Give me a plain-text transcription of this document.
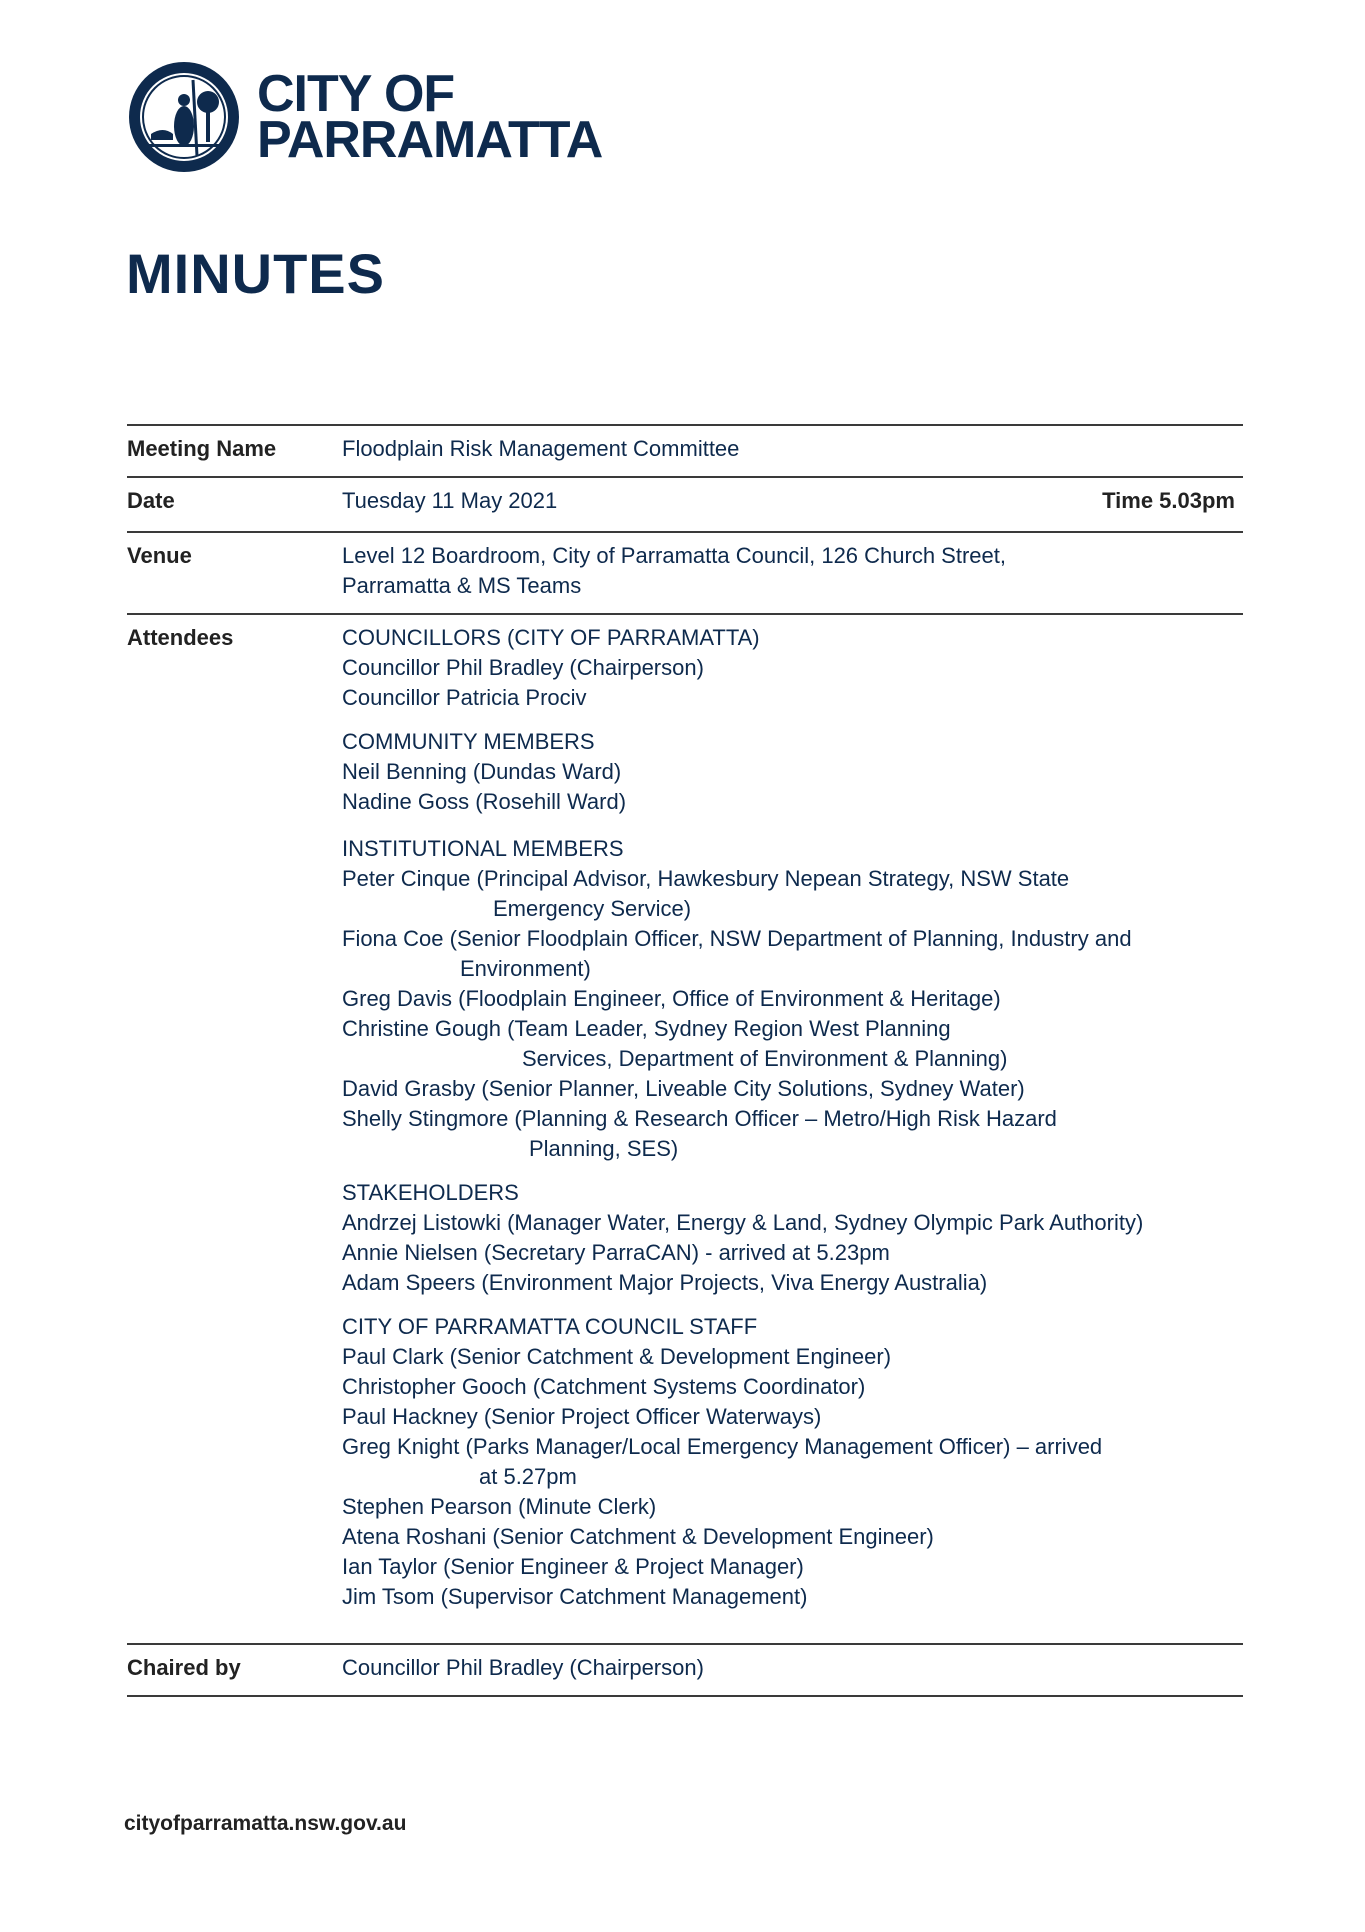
CITY OF
PARRAMATTA
MINUTES
Meeting Name	Floodplain Risk Management Committee
Date	Tuesday 11 May 2021	Time 5.03pm
Venue	Level 12 Boardroom, City of Parramatta Council, 126 Church Street,
Parramatta & MS Teams
Attendees	COUNCILLORS (CITY OF PARRAMATTA)
Councillor Phil Bradley (Chairperson)
Councillor Patricia Prociv
COMMUNITY MEMBERS
Neil Benning (Dundas Ward)
Nadine Goss (Rosehill Ward)
INSTITUTIONAL MEMBERS
Peter Cinque (Principal Advisor, Hawkesbury Nepean Strategy, NSW State
Emergency Service)
Fiona Coe (Senior Floodplain Officer, NSW Department of Planning, Industry and
Environment)
Greg Davis (Floodplain Engineer, Office of Environment & Heritage)
Christine Gough (Team Leader, Sydney Region West Planning
Services, Department of Environment & Planning)
David Grasby (Senior Planner, Liveable City Solutions, Sydney Water)
Shelly Stingmore (Planning & Research Officer – Metro/High Risk Hazard
Planning, SES)
STAKEHOLDERS
Andrzej Listowki (Manager Water, Energy & Land, Sydney Olympic Park Authority)
Annie Nielsen (Secretary ParraCAN) - arrived at 5.23pm
Adam Speers (Environment Major Projects, Viva Energy Australia)
CITY OF PARRAMATTA COUNCIL STAFF
Paul Clark (Senior Catchment & Development Engineer)
Christopher Gooch (Catchment Systems Coordinator)
Paul Hackney (Senior Project Officer Waterways)
Greg Knight (Parks Manager/Local Emergency Management Officer) – arrived
at 5.27pm
Stephen Pearson (Minute Clerk)
Atena Roshani (Senior Catchment & Development Engineer)
Ian Taylor (Senior Engineer & Project Manager)
Jim Tsom (Supervisor Catchment Management)
Chaired by	Councillor Phil Bradley (Chairperson)
cityofparramatta.nsw.gov.au
